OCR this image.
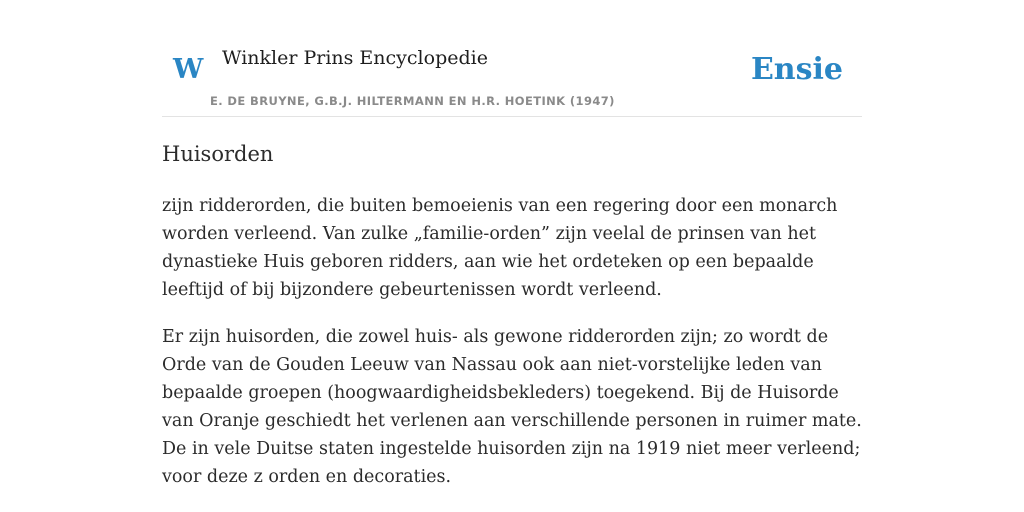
W Winkler Prins Encyclopedie
E. DE BRUYNE, G.B.J. HILTERMANN EN H.R. HOETINK (1947)
Ensie
Huisorden

zijn ridderorden, die buiten bemoeienis van een regering door een monarch worden verleend. Van zulke „familie-orden” zijn veelal de prinsen van het dynastieke Huis geboren ridders, aan wie het ordeteken op een bepaalde leeftijd of bij bijzondere gebeurtenissen wordt verleend.

Er zijn huisorden, die zowel huis- als gewone ridderorden zijn; zo wordt de Orde van de Gouden Leeuw van Nassau ook aan niet-vorstelijke leden van bepaalde groepen (hoogwaardigheidsbekleders) toegekend. Bij de Huisorde van Oranje geschiedt het verlenen aan verschillende personen in ruimer mate. De in vele Duitse staten ingestelde huisorden zijn na 1919 niet meer verleend; voor deze z orden en decoraties.
